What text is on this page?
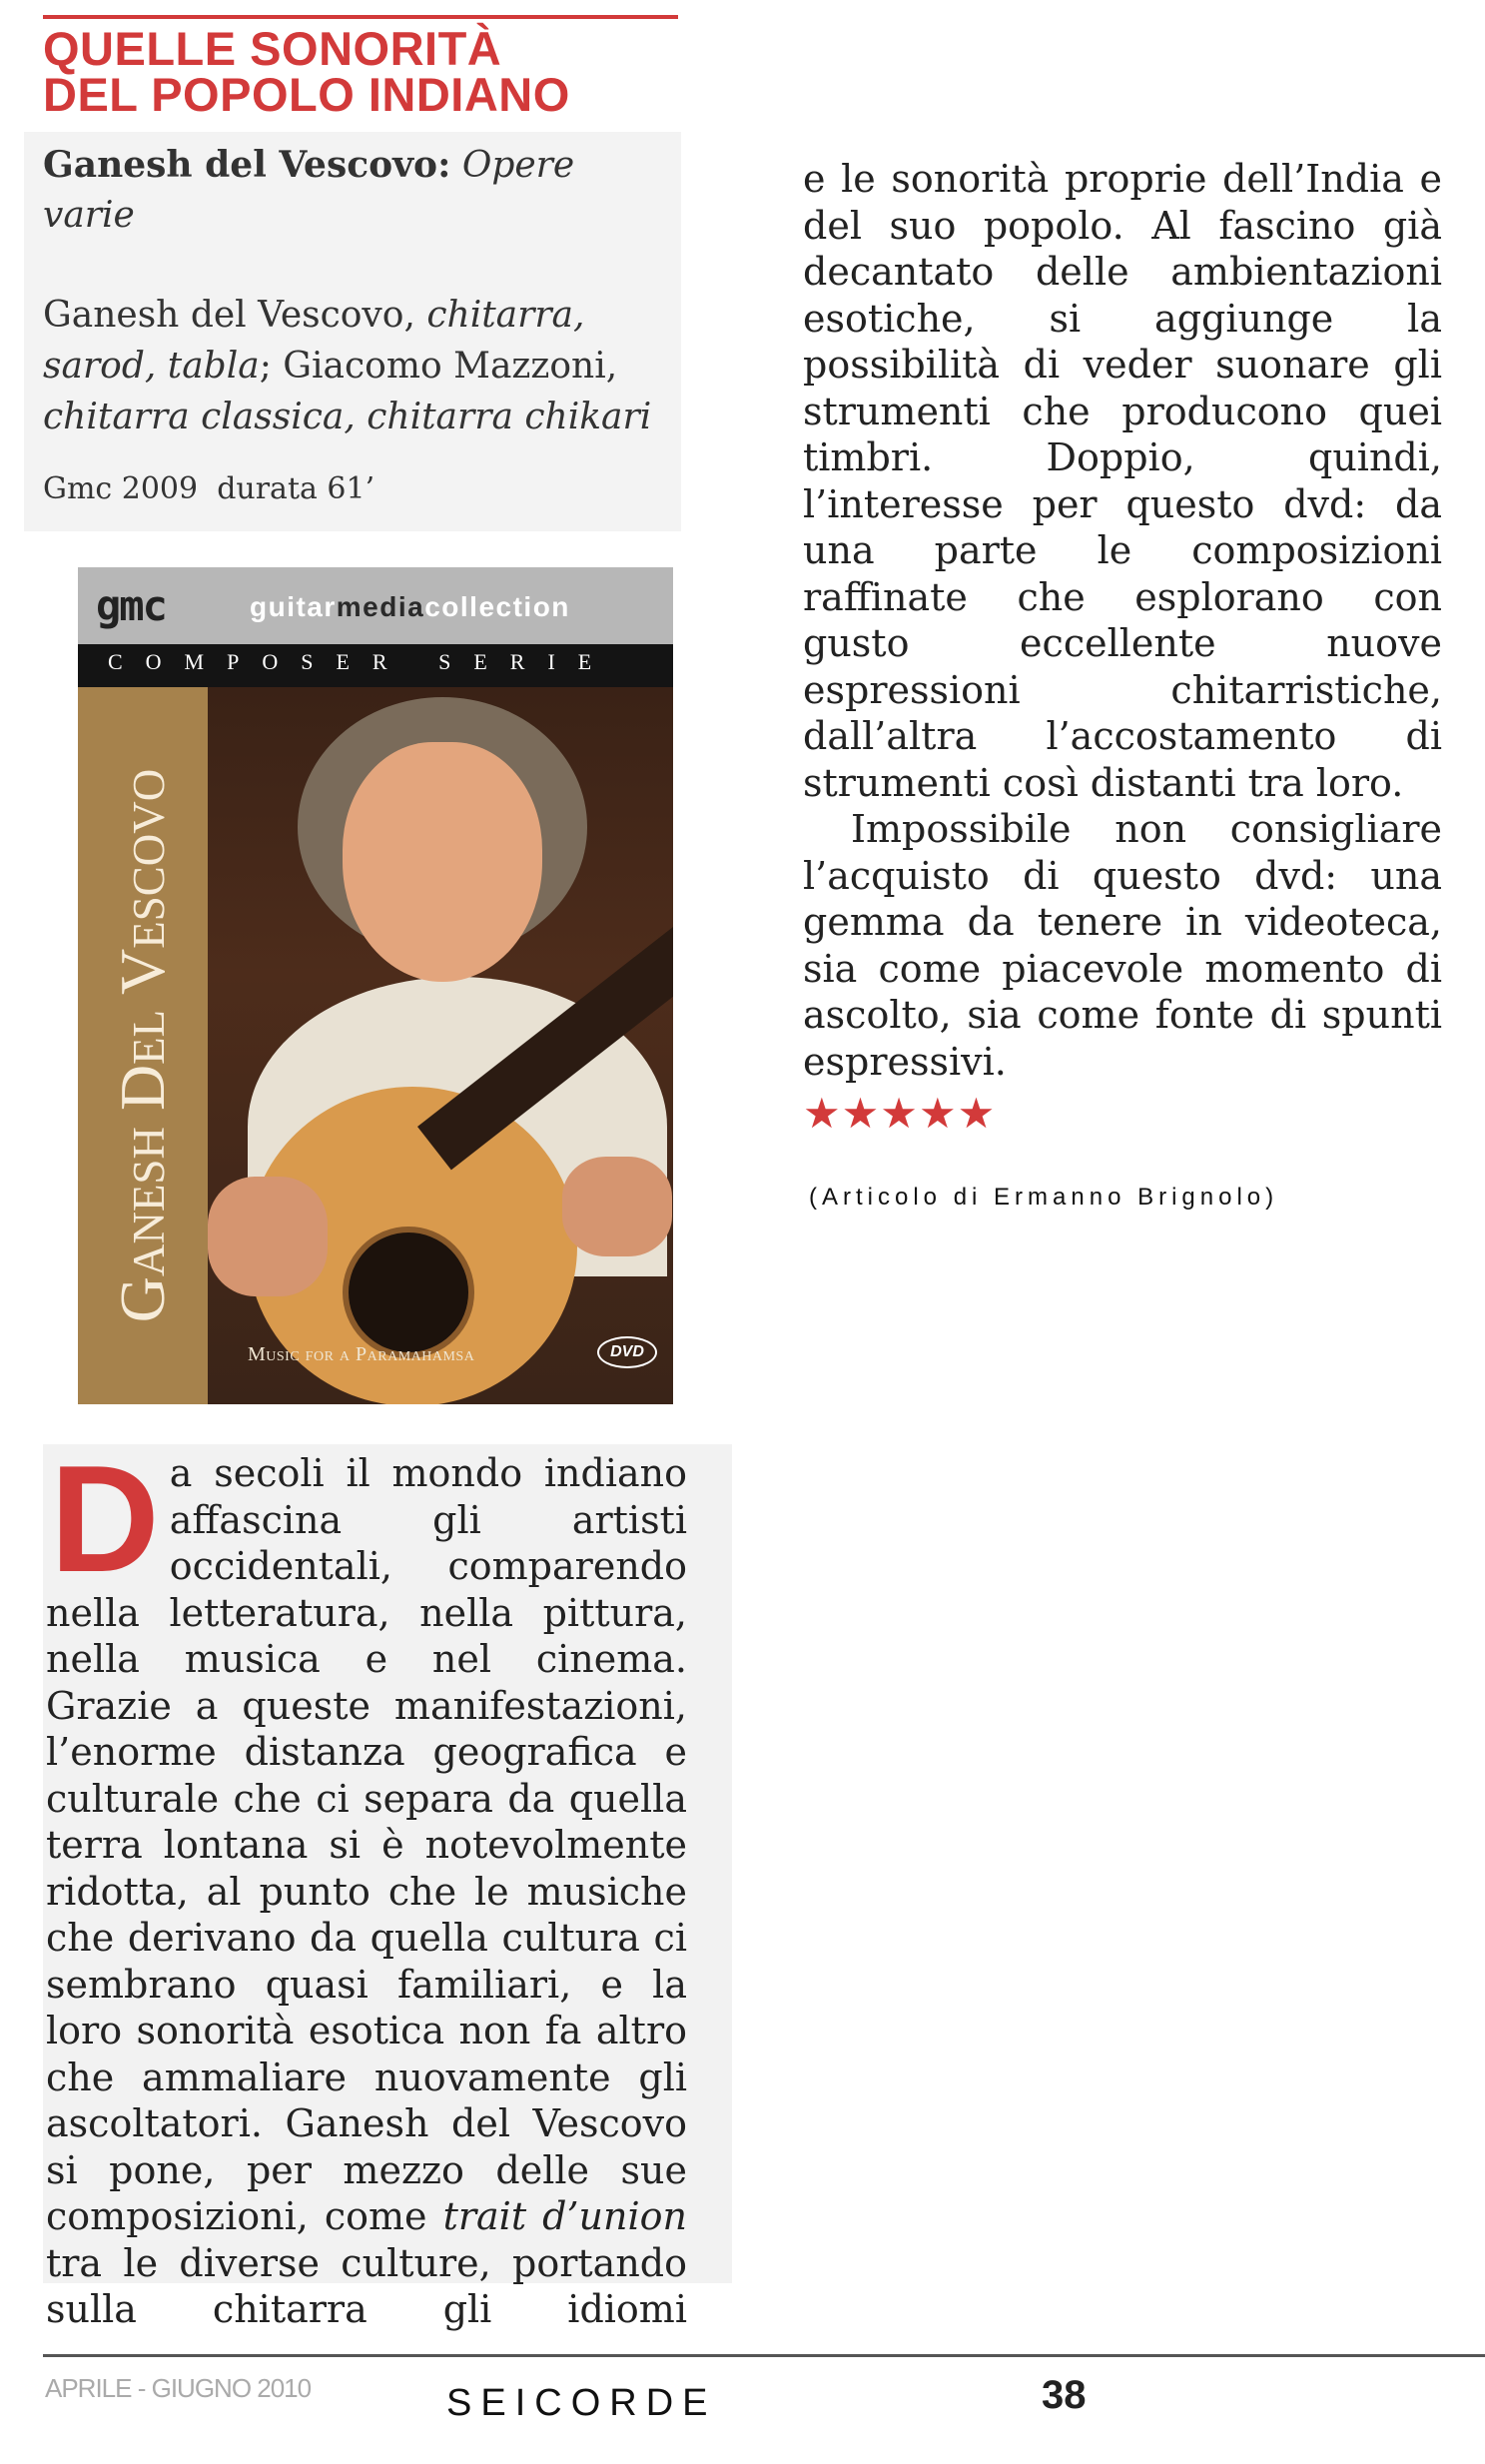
QUELLE SONORITÀ
DEL POPOLO INDIANO
Ganesh del Vescovo: Opere varie
Ganesh del Vescovo, chitarra, sarod, tabla; Giacomo Mazzoni, chitarra classica, chitarra chikari
Gmc 2009 durata 61’
gmc	guitarmediacollection
COMPOSER SERIE
Ganesh Del Vescovo
Music for a Paramahamsa	DVD
D a secoli il mondo indiano affascina gli artisti occidentali, comparendo nella letteratura, nella pittura, nella musica e nel cinema. Grazie a queste manifestazioni, l’enorme distanza geografica e culturale che ci separa da quella terra lontana si è notevolmente ridotta, al punto che le musiche che derivano da quella cultura ci sembrano quasi familiari, e la loro sonorità esotica non fa altro che ammaliare nuovamente gli ascoltatori. Ganesh del Vescovo si pone, per mezzo delle sue composizioni, come trait d’union tra le diverse culture, portando sulla chitarra gli idiomi

e le sonorità proprie dell’India e del suo popolo. Al fascino già decantato delle ambientazioni esotiche, si aggiunge la possibilità di veder suonare gli strumenti che producono quei timbri. Doppio, quindi, l’interesse per questo dvd: da una parte le composizioni raffinate che esplorano con gusto eccellente nuove espressioni chitarristiche, dall’altra l’accostamento di strumenti così distanti tra loro.

Impossibile non consigliare l’acquisto di questo dvd: una gemma da tenere in videoteca, sia come piacevole momento di ascolto, sia come fonte di spunti espressivi.

★★★★★
(Articolo di Ermanno Brignolo)
APRILE - GIUGNO 2010	SEICORDE	38
